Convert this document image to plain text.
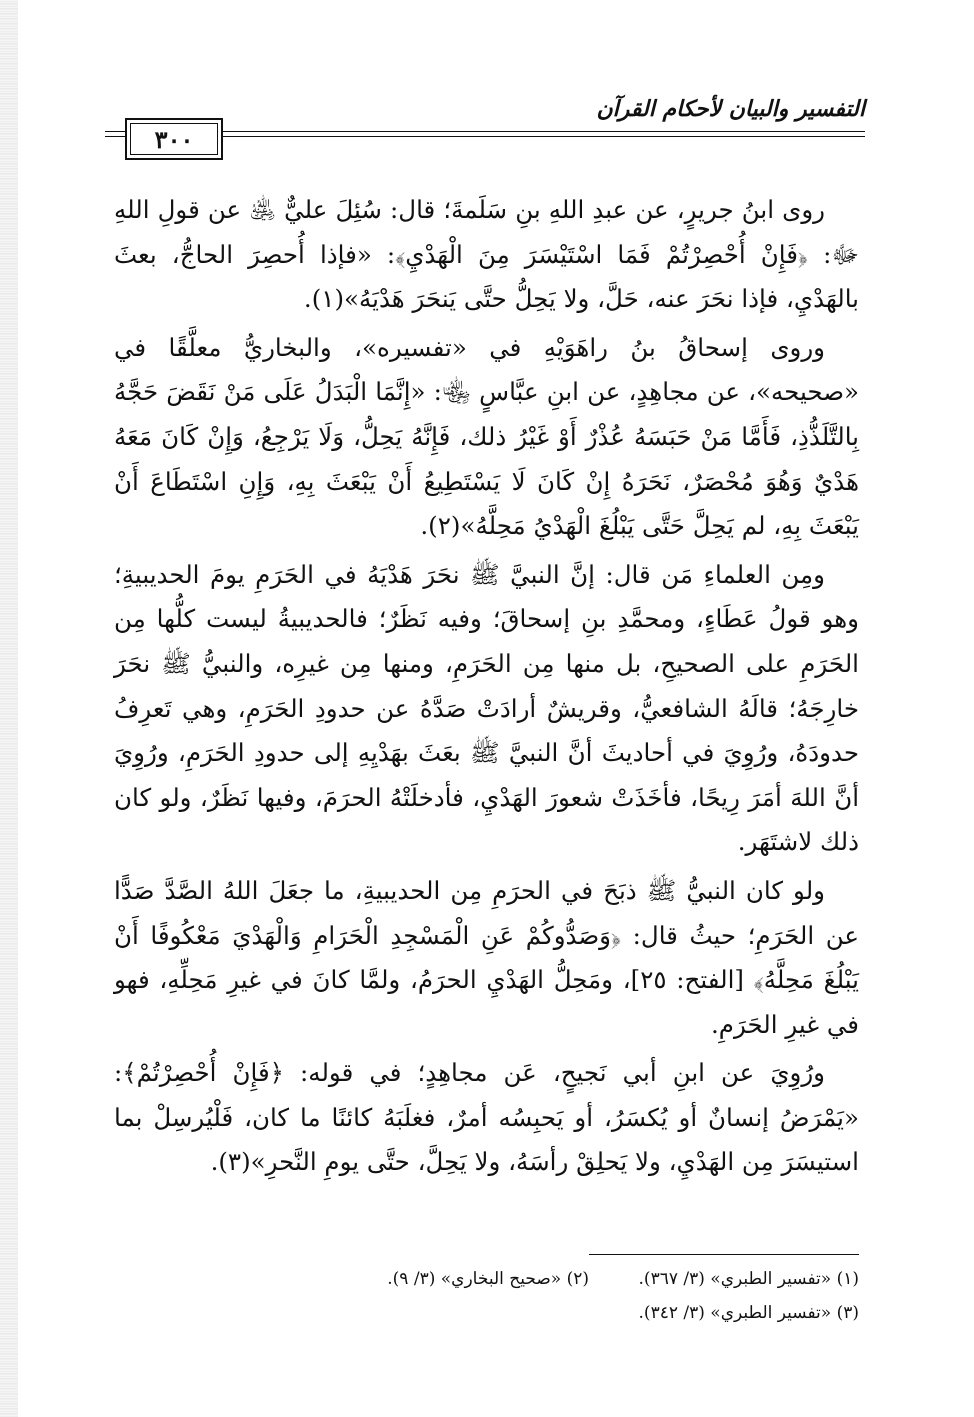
التفسير والبيان لأحكام القرآن
٣٠٠

روى ابنُ جريرٍ، عن عبدِ اللهِ بنِ سَلَمةَ؛ قال: سُئِلَ عليٌّ ﵁ عن قولِ اللهِ ﷻ: ﴿فَإِنْ أُحْصِرْتُمْ فَمَا اسْتَيْسَرَ مِنَ الْهَدْيِ﴾: «فإذا أُحصِرَ الحاجُّ، بعثَ بالهَدْيِ، فإذا نحَرَ عنه، حَلَّ، ولا يَحِلُّ حتَّى يَنحَرَ هَدْيَهُ»(١).

وروى إسحاقُ بنُ راهَوَيْهِ في «تفسيره»، والبخاريُّ معلَّقًا في «صحيحه»، عن مجاهِدٍ، عن ابنِ عبَّاسٍ ﵄: «إِنَّمَا الْبَدَلُ عَلَى مَنْ نَقَضَ حَجَّهُ بِالتَّلَذُّذِ، فَأَمَّا مَنْ حَبَسَهُ عُذْرٌ أَوْ غَيْرُ ذلك، فَإِنَّهُ يَحِلُّ، وَلَا يَرْجِعُ، وَإِنْ كَانَ مَعَهُ هَدْيٌ وَهُوَ مُحْصَرٌ، نَحَرَهُ إِنْ كَانَ لَا يَسْتَطِيعُ أَنْ يَبْعَثَ بِهِ، وَإِنِ اسْتَطَاعَ أَنْ يَبْعَثَ بِهِ، لم يَحِلَّ حَتَّى يَبْلُغَ الْهَدْيُ مَحِلَّهُ»(٢).

ومِن العلماءِ مَن قال: إنَّ النبيَّ ﷺ نحَرَ هَدْيَهُ في الحَرَمِ يومَ الحديبيةِ؛ وهو قولُ عَطَاءٍ، ومحمَّدِ بنِ إسحاقَ؛ وفيه نَظَرٌ؛ فالحديبيةُ ليست كلُّها مِن الحَرَمِ على الصحيحِ، بل منها مِن الحَرَمِ، ومنها مِن غيرِه، والنبيُّ ﷺ نحَرَ خارِجَهُ؛ قالَهُ الشافعيُّ، وقريشٌ أرادَتْ صَدَّهُ عن حدودِ الحَرَمِ، وهي تَعرِفُ حدودَهُ، ورُوِيَ في أحاديثَ أنَّ النبيَّ ﷺ بعَثَ بهَدْيِهِ إلى حدودِ الحَرَمِ، ورُوِيَ أنَّ اللهَ أمَرَ رِيحًا، فأخَذَتْ شعورَ الهَدْيِ، فأدخلَتْهُ الحرَمَ، وفيها نَظَرٌ، ولو كان ذلك لاشتَهَر.

ولو كان النبيُّ ﷺ ذبَحَ في الحرَمِ مِن الحديبيةِ، ما جعَلَ اللهُ الصَّدَّ صَدًّا عن الحَرَمِ؛ حيثُ قال: ﴿وَصَدُّوكُمْ عَنِ الْمَسْجِدِ الْحَرَامِ وَالْهَدْيَ مَعْكُوفًا أَنْ يَبْلُغَ مَحِلَّهُ﴾ [الفتح: ٢٥]، ومَحِلُّ الهَدْيِ الحرَمُ، ولمَّا كانَ في غيرِ مَحِلِّهِ، فهو في غيرِ الحَرَمِ.

ورُوِيَ عن ابنِ أبي نَجيحٍ، عَن مجاهِدٍ؛ في قوله: ﴿فَإِنْ أُحْصِرْتُمْ﴾: «يَمْرَضُ إنسانٌ أو يُكسَرُ، أو يَحبِسُه أمرٌ، فغلَبَهُ كائنًا ما كان، فَلْيُرسِلْ بما استيسَرَ مِن الهَدْيِ، ولا يَحلِقْ رأسَهُ، ولا يَحِلَّ، حتَّى يومِ النَّحرِ»(٣).

(١) «تفسير الطبري» (٣/ ٣٦٧).
(٢) «صحيح البخاري» (٣/ ٩).
(٣) «تفسير الطبري» (٣/ ٣٤٢).
